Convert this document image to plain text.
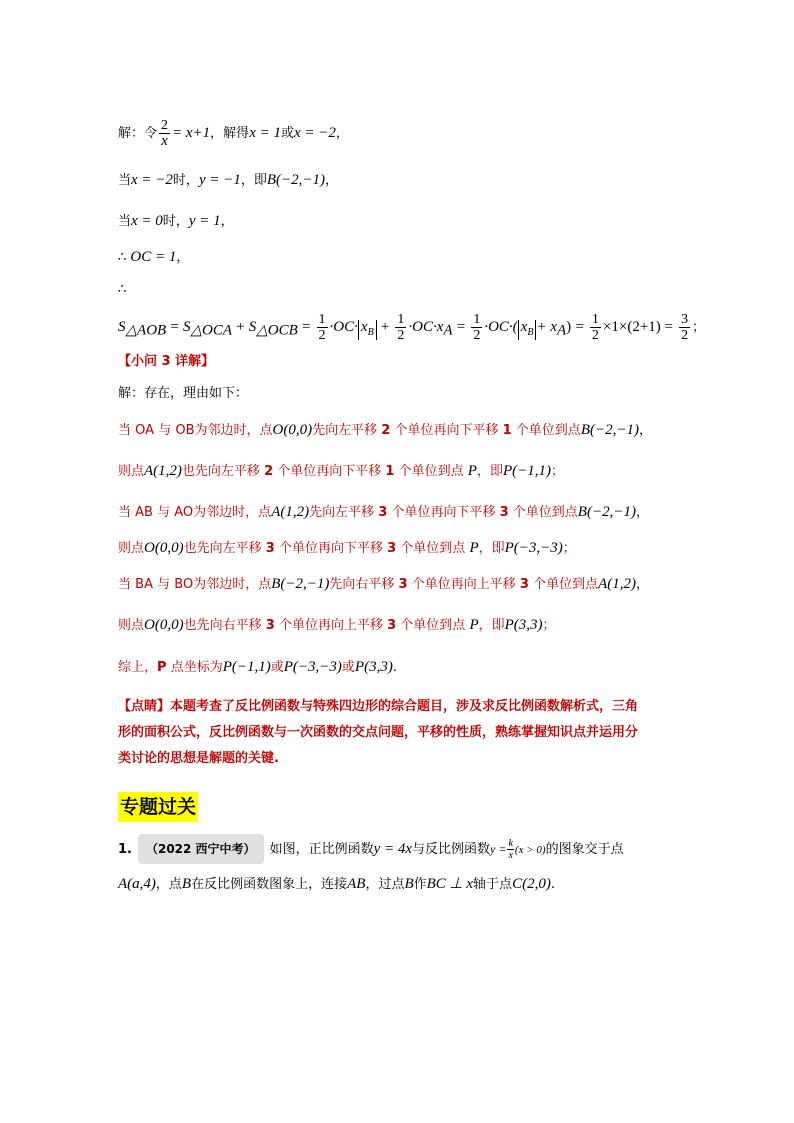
解：令 $\frac{2}{x} = x+1$，解得x = 1或x = −2，
当x = −2时，y = −1，即B(−2,−1)，
当x = 0时，y = 1，
∴ OC = 1，
∴
$S_{\triangle AOB} = S_{\triangle OCA} + S_{\triangle OCB} = \frac{1}{2} \cdot OC\cdot x_B + \frac{1}{2} \cdot OC\cdot x_A = \frac{1}{2} \cdot OC\cdot$( $x_B + x_A) = \frac{1}{2} \times 1\times(2+1) = \frac{3}{2}$ ；
【小问 3 详解】
解：存在，理由如下：
当 OA 与 OB为邻边时，点O(0,0)先向左平移 2 个单位再向下平移 1 个单位到点B(−2,−1)，
则点A(1,2)也先向左平移 2 个单位再向下平移 1 个单位到点 P，即P(−1,1)；
当 AB 与 AO为邻边时，点A(1,2)先向左平移 3 个单位再向下平移 3 个单位到点B(−2,−1)，
则点O(0,0)也先向左平移 3 个单位再向下平移 3 个单位到点 P，即P(−3,−3)；
当 BA 与 BO为邻边时，点B(−2,−1)先向右平移 3 个单位再向上平移 3 个单位到点A(1,2)，
则点O(0,0)也先向右平移 3 个单位再向上平移 3 个单位到点 P，即P(3,3)；
综上，P 点坐标为P(−1,1)或P(−3,−3)或P(3,3).
【点睛】本题考查了反比例函数与特殊四边形的综合题目，涉及求反比例函数解析式，三角
形的面积公式，反比例函数与一次函数的交点问题，平移的性质，熟练掌握知识点并运用分
类讨论的思想是解题的关键.
专题过关
1. （2022 西宁中考） 如图，正比例函数y = 4x与反比例函数$y = \frac{k}{x} (x > 0)$的图象交于点
A(a,4)，点B在反比例函数图象上，连接AB，过点B作BC ⊥ x轴于点C(2,0).
